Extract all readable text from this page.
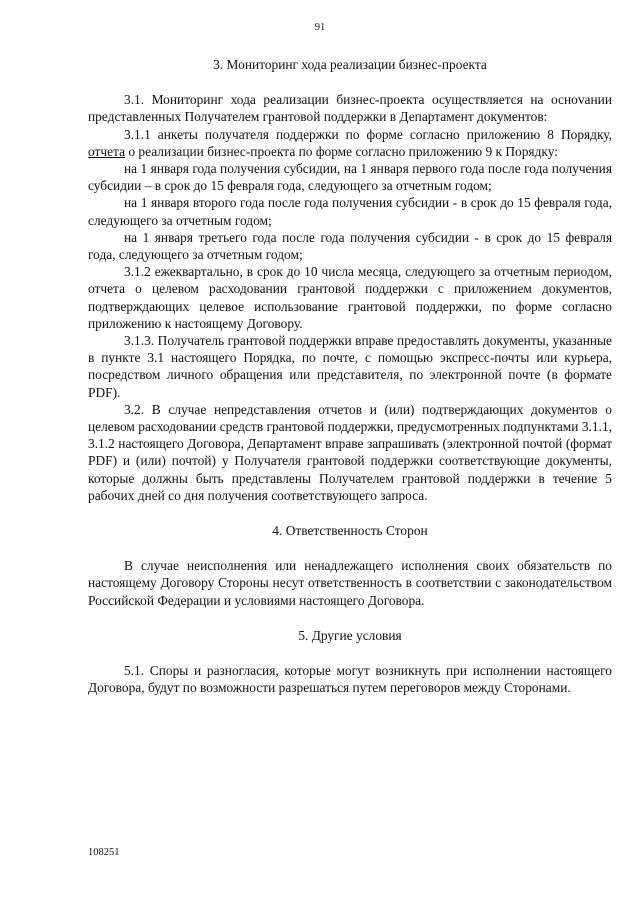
91
3. Мониторинг хода реализации бизнес-проекта

3.1. Мониторинг хода реализации бизнес-проекта осуществляется на осноvании представленных Получателем грантовой поддержки в Департамент документов:

3.1.1 анкеты получателя поддержки по форме согласно приложению 8 Порядку, отчета о реализации бизнес-проекта по форме согласно приложению 9 к Порядку:

на 1 января года получения субсидии, на 1 января первого года после года получения субсидии – в срок до 15 февраля года, следующего за отчетным годом;

на 1 января второго года после года получения субсидии - в срок до 15 февраля года, следующего за отчетным годом;

на 1 января третьего года после года получения субсидии - в срок до 15 февраля года, следующего за отчетным годом;

3.1.2 ежеквартально, в срок до 10 числа месяца, следующего за отчетным периодом, отчета о целевом расходовании грантовой поддержки с приложением документов, подтверждающих целевое использование грантовой поддержки, по форме согласно приложению к настоящему Договору.

3.1.3. Получатель грантовой поддержки вправе предоставлять документы, указанные в пункте 3.1 настоящего Порядка, по почте, с помощью экспресс-почты или курьера, посредством личного обращения или представителя, по электронной почте (в формате PDF).

3.2. В случае непредставления отчетов и (или) подтверждающих документов о целевом расходовании средств грантовой поддержки, предусмотренных подпунктами 3.1.1, 3.1.2 настоящего Договора, Департамент вправе запрашивать (электронной почтой (формат PDF) и (или) почтой) у Получателя грантовой поддержки соответствующие документы, которые должны быть представлены Получателем грантовой поддержки в течение 5 рабочих дней со дня получения соответствующего запроса.

4. Ответственность Сторон

В случае неисполнения или ненадлежащего исполнения своих обязательств по настоящему Договору Стороны несут ответственность в соответствии с законодательством Российской Федерации и условиями настоящего Договора.

5. Другие условия

5.1. Споры и разногласия, которые могут возникнуть при исполнении настоящего Договора, будут по возможности разрешаться путем переговоров между Сторонами.

108251
